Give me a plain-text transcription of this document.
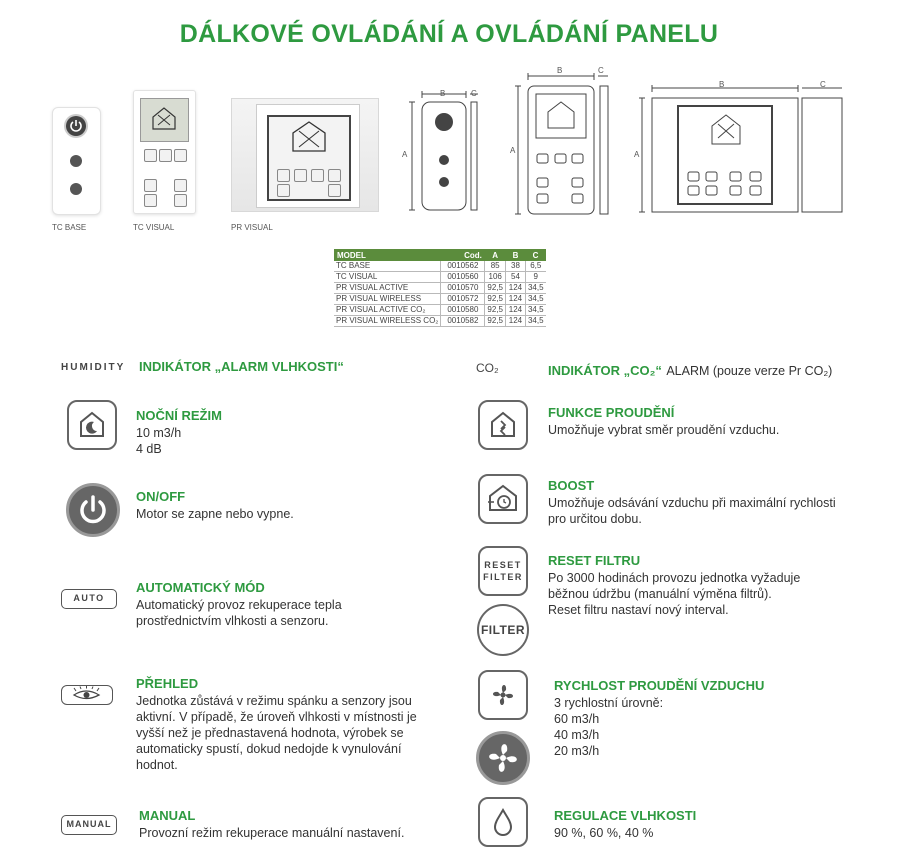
DÁLKOVÉ OVLÁDÁNÍ A OVLÁDÁNÍ PANELU
TC BASE	TC VISUAL	PR VISUAL
B	C
A
B	C
A
B	C
A
MODEL	Cod.	A	B	C
TC BASE	0010562	85	38	6,5
TC VISUAL	0010560	106	54	9
PR VISUAL ACTIVE	0010570	92,5	124	34,5
PR VISUAL WIRELESS	0010572	92,5	124	34,5
PR VISUAL ACTIVE CO₂	0010580	92,5	124	34,5
PR VISUAL WIRELESS CO₂	0010582	92,5	124	34,5
HUMIDITY INDIKÁTOR „ALARM VLHKOSTI“
NOČNÍ REŽIM
10 m3/h
4 dB
ON/OFF
Motor se zapne nebo vypne.
AUTO
AUTOMATICKÝ MÓD
Automatický provoz rekuperace tepla
prostřednictvím vlhkosti a senzoru.
PŘEHLED
Jednotka zůstává v režimu spánku a senzory jsou
aktivní. V případě, že úroveň vlhkosti v místnosti je
vyšší než je přednastavená hodnota, výrobek se
automaticky spustí, dokud nedojde k vynulování
hodnot.
MANUAL
MANUAL
Provozní režim rekuperace manuální nastavení.
CO₂	INDIKÁTOR „CO₂“ ALARM (pouze verze Pr CO₂)
FUNKCE PROUDĚNÍ
Umožňuje vybrat směr proudění vzduchu.
BOOST
Umožňuje odsávání vzduchu při maximální rychlosti
pro určitou dobu.
RESET
FILTER
FILTER
RESET FILTRU
Po 3000 hodinách provozu jednotka vyžaduje
běžnou údržbu (manuální výměna filtrů).
Reset filtru nastaví nový interval.
RYCHLOST PROUDĚNÍ VZDUCHU
3 rychlostní úrovně:
60 m3/h
40 m3/h
20 m3/h
REGULACE VLHKOSTI
90 %, 60 %, 40 %
